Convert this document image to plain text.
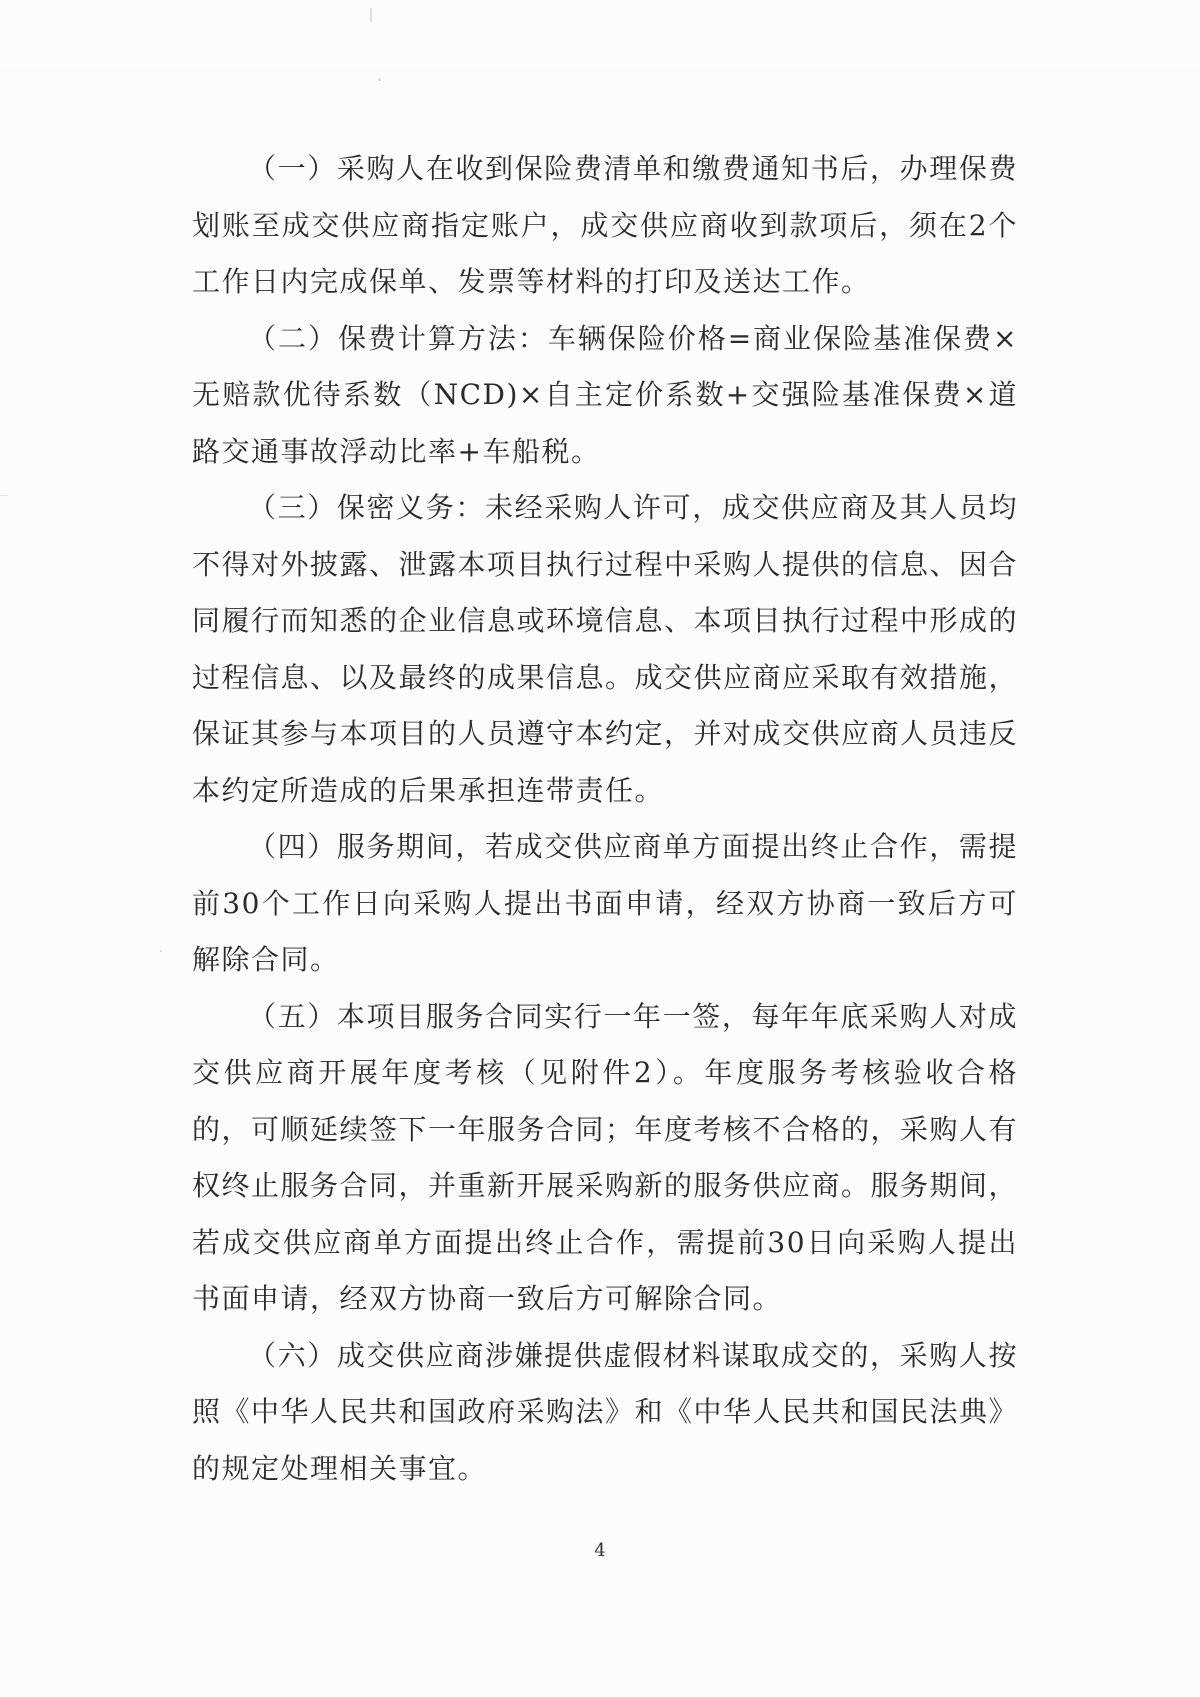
（一）采购人在收到保险费清单和缴费通知书后，办理保费划账至成交供应商指定账户，成交供应商收到款项后，须在2个工作日内完成保单、发票等材料的打印及送达工作。

（二）保费计算方法：车辆保险价格=商业保险基准保费×无赔款优待系数（NCD)×自主定价系数+交强险基准保费×道路交通事故浮动比率+车船税。

（三）保密义务：未经采购人许可，成交供应商及其人员均不得对外披露、泄露本项目执行过程中采购人提供的信息、因合同履行而知悉的企业信息或环境信息、本项目执行过程中形成的过程信息、以及最终的成果信息。成交供应商应采取有效措施，保证其参与本项目的人员遵守本约定，并对成交供应商人员违反本约定所造成的后果承担连带责任。

（四）服务期间，若成交供应商单方面提出终止合作，需提前30个工作日向采购人提出书面申请，经双方协商一致后方可解除合同。

（五）本项目服务合同实行一年一签，每年年底采购人对成交供应商开展年度考核（见附件2）。年度服务考核验收合格的，可顺延续签下一年服务合同；年度考核不合格的，采购人有权终止服务合同，并重新开展采购新的服务供应商。服务期间，若成交供应商单方面提出终止合作，需提前30日向采购人提出书面申请，经双方协商一致后方可解除合同。

（六）成交供应商涉嫌提供虚假材料谋取成交的，采购人按照《中华人民共和国政府采购法》和《中华人民共和国民法典》的规定处理相关事宜。

4
